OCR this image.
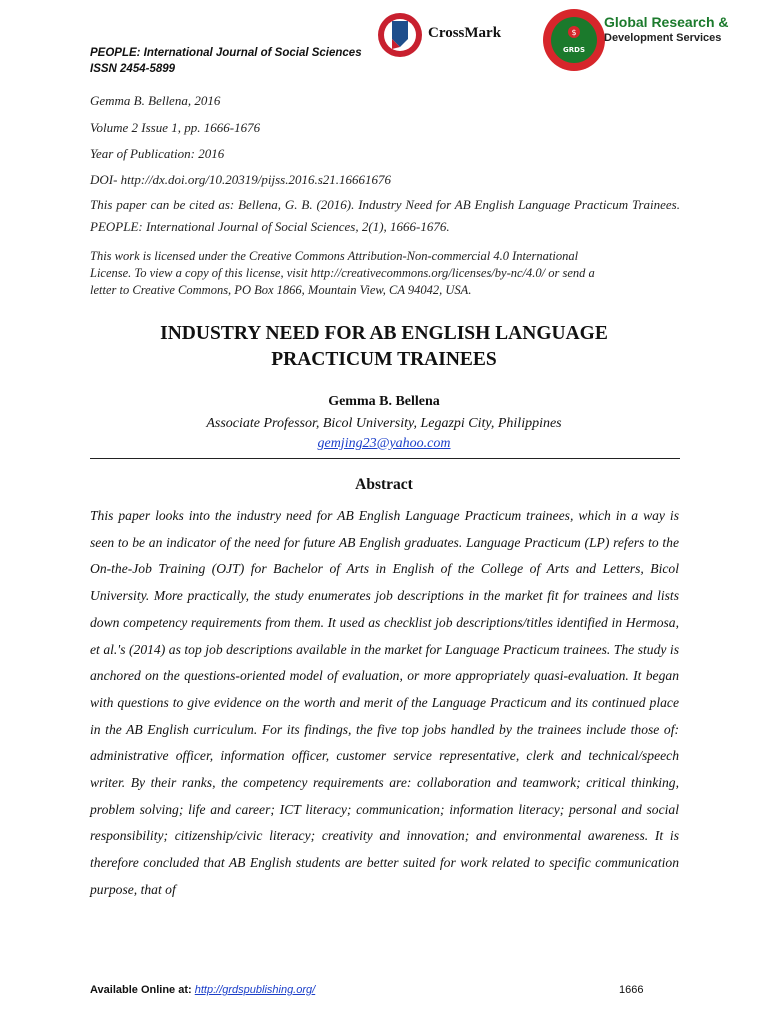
PEOPLE: International Journal of Social Sciences
ISSN 2454-5899
CrossMark	$
GRDS
Global Research &
Development Services
Gemma B. Bellena, 2016
Volume 2 Issue 1, pp. 1666-1676
Year of Publication: 2016
DOI- http://dx.doi.org/10.20319/pijss.2016.s21.16661676
This paper can be cited as: Bellena, G. B. (2016). Industry Need for AB English Language Practicum Trainees. PEOPLE: International Journal of Social Sciences, 2(1), 1666-1676.
This work is licensed under the Creative Commons Attribution-Non-commercial 4.0 International
License. To view a copy of this license, visit http://creativecommons.org/licenses/by-nc/4.0/ or send a
letter to Creative Commons, PO Box 1866, Mountain View, CA 94042, USA.
INDUSTRY NEED FOR AB ENGLISH LANGUAGE
PRACTICUM TRAINEES
Gemma B. Bellena
Associate Professor, Bicol University, Legazpi City, Philippines
gemjing23@yahoo.com
Abstract
This paper looks into the industry need for AB English Language Practicum trainees, which in a way is seen to be an indicator of the need for future AB English graduates. Language Practicum (LP) refers to the On-the-Job Training (OJT) for Bachelor of Arts in English of the College of Arts and Letters, Bicol University. More practically, the study enumerates job descriptions in the market fit for trainees and lists down competency requirements from them. It used as checklist job descriptions/titles identified in Hermosa, et al.'s (2014) as top job descriptions available in the market for Language Practicum trainees. The study is anchored on the questions-oriented model of evaluation, or more appropriately quasi-evaluation. It began with questions to give evidence on the worth and merit of the Language Practicum and its continued place in the AB English curriculum. For its findings, the five top jobs handled by the trainees include those of: administrative officer, information officer, customer service representative, clerk and technical/speech writer. By their ranks, the competency requirements are: collaboration and teamwork; critical thinking, problem solving; life and career; ICT literacy; communication; information literacy; personal and social responsibility; citizenship/civic literacy; creativity and innovation; and environmental awareness. It is therefore concluded that AB English students are better suited for work related to specific communication purpose, that of
Available Online at: http://grdspublishing.org/	1666
